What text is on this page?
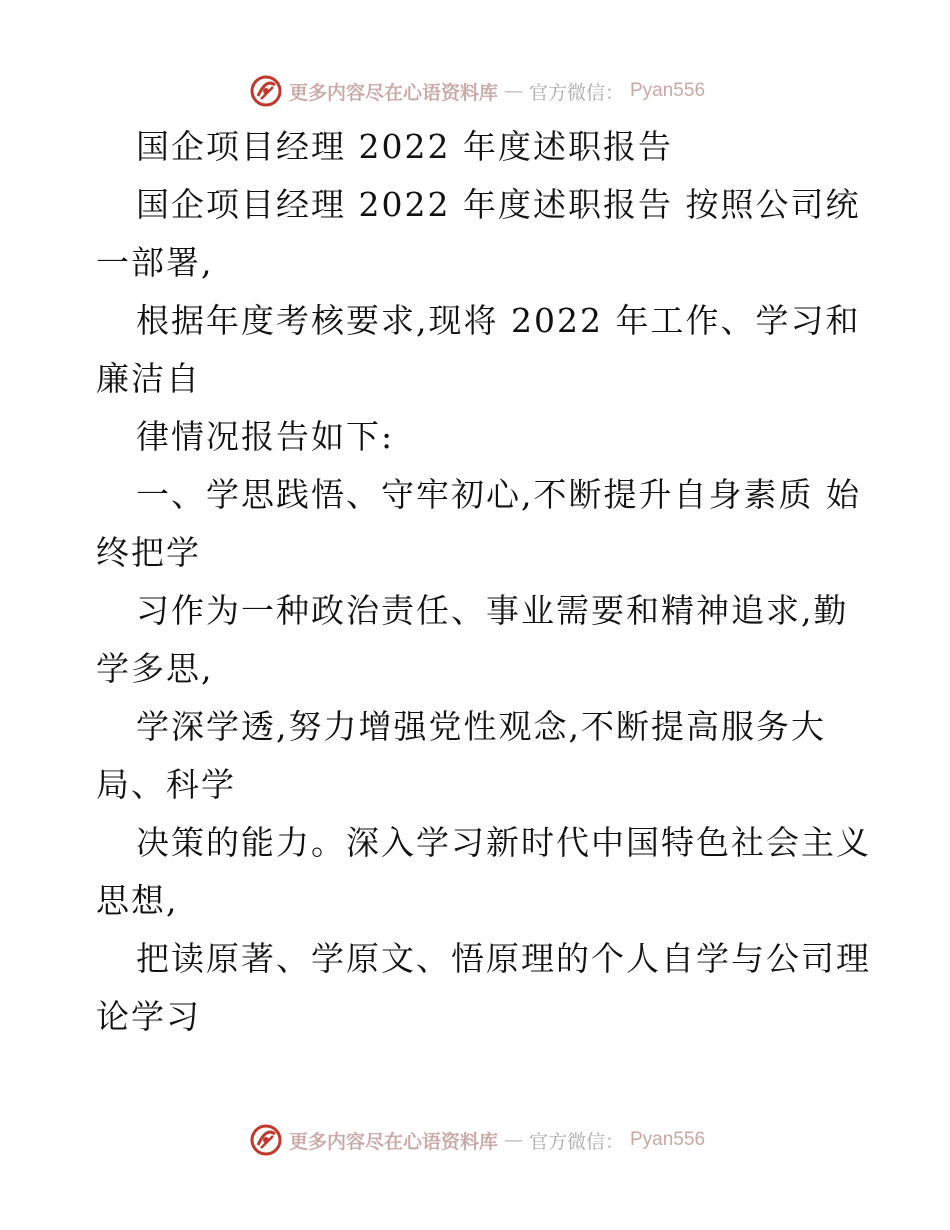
更多内容尽在心语资料库 — 官方微信： Pyan556
国企项目经理 2022 年度述职报告
国企项目经理 2022 年度述职报告 按照公司统
一部署,
根据年度考核要求,现将 2022 年工作、学习和
廉洁自
律情况报告如下:
一、学思践悟、守牢初心,不断提升自身素质 始
终把学
习作为一种政治责任、事业需要和精神追求,勤
学多思,
学深学透,努力增强党性观念,不断提高服务大
局、科学
决策的能力。深入学习新时代中国特色社会主义
思想,
把读原著、学原文、悟原理的个人自学与公司理
论学习
更多内容尽在心语资料库 — 官方微信： Pyan556
